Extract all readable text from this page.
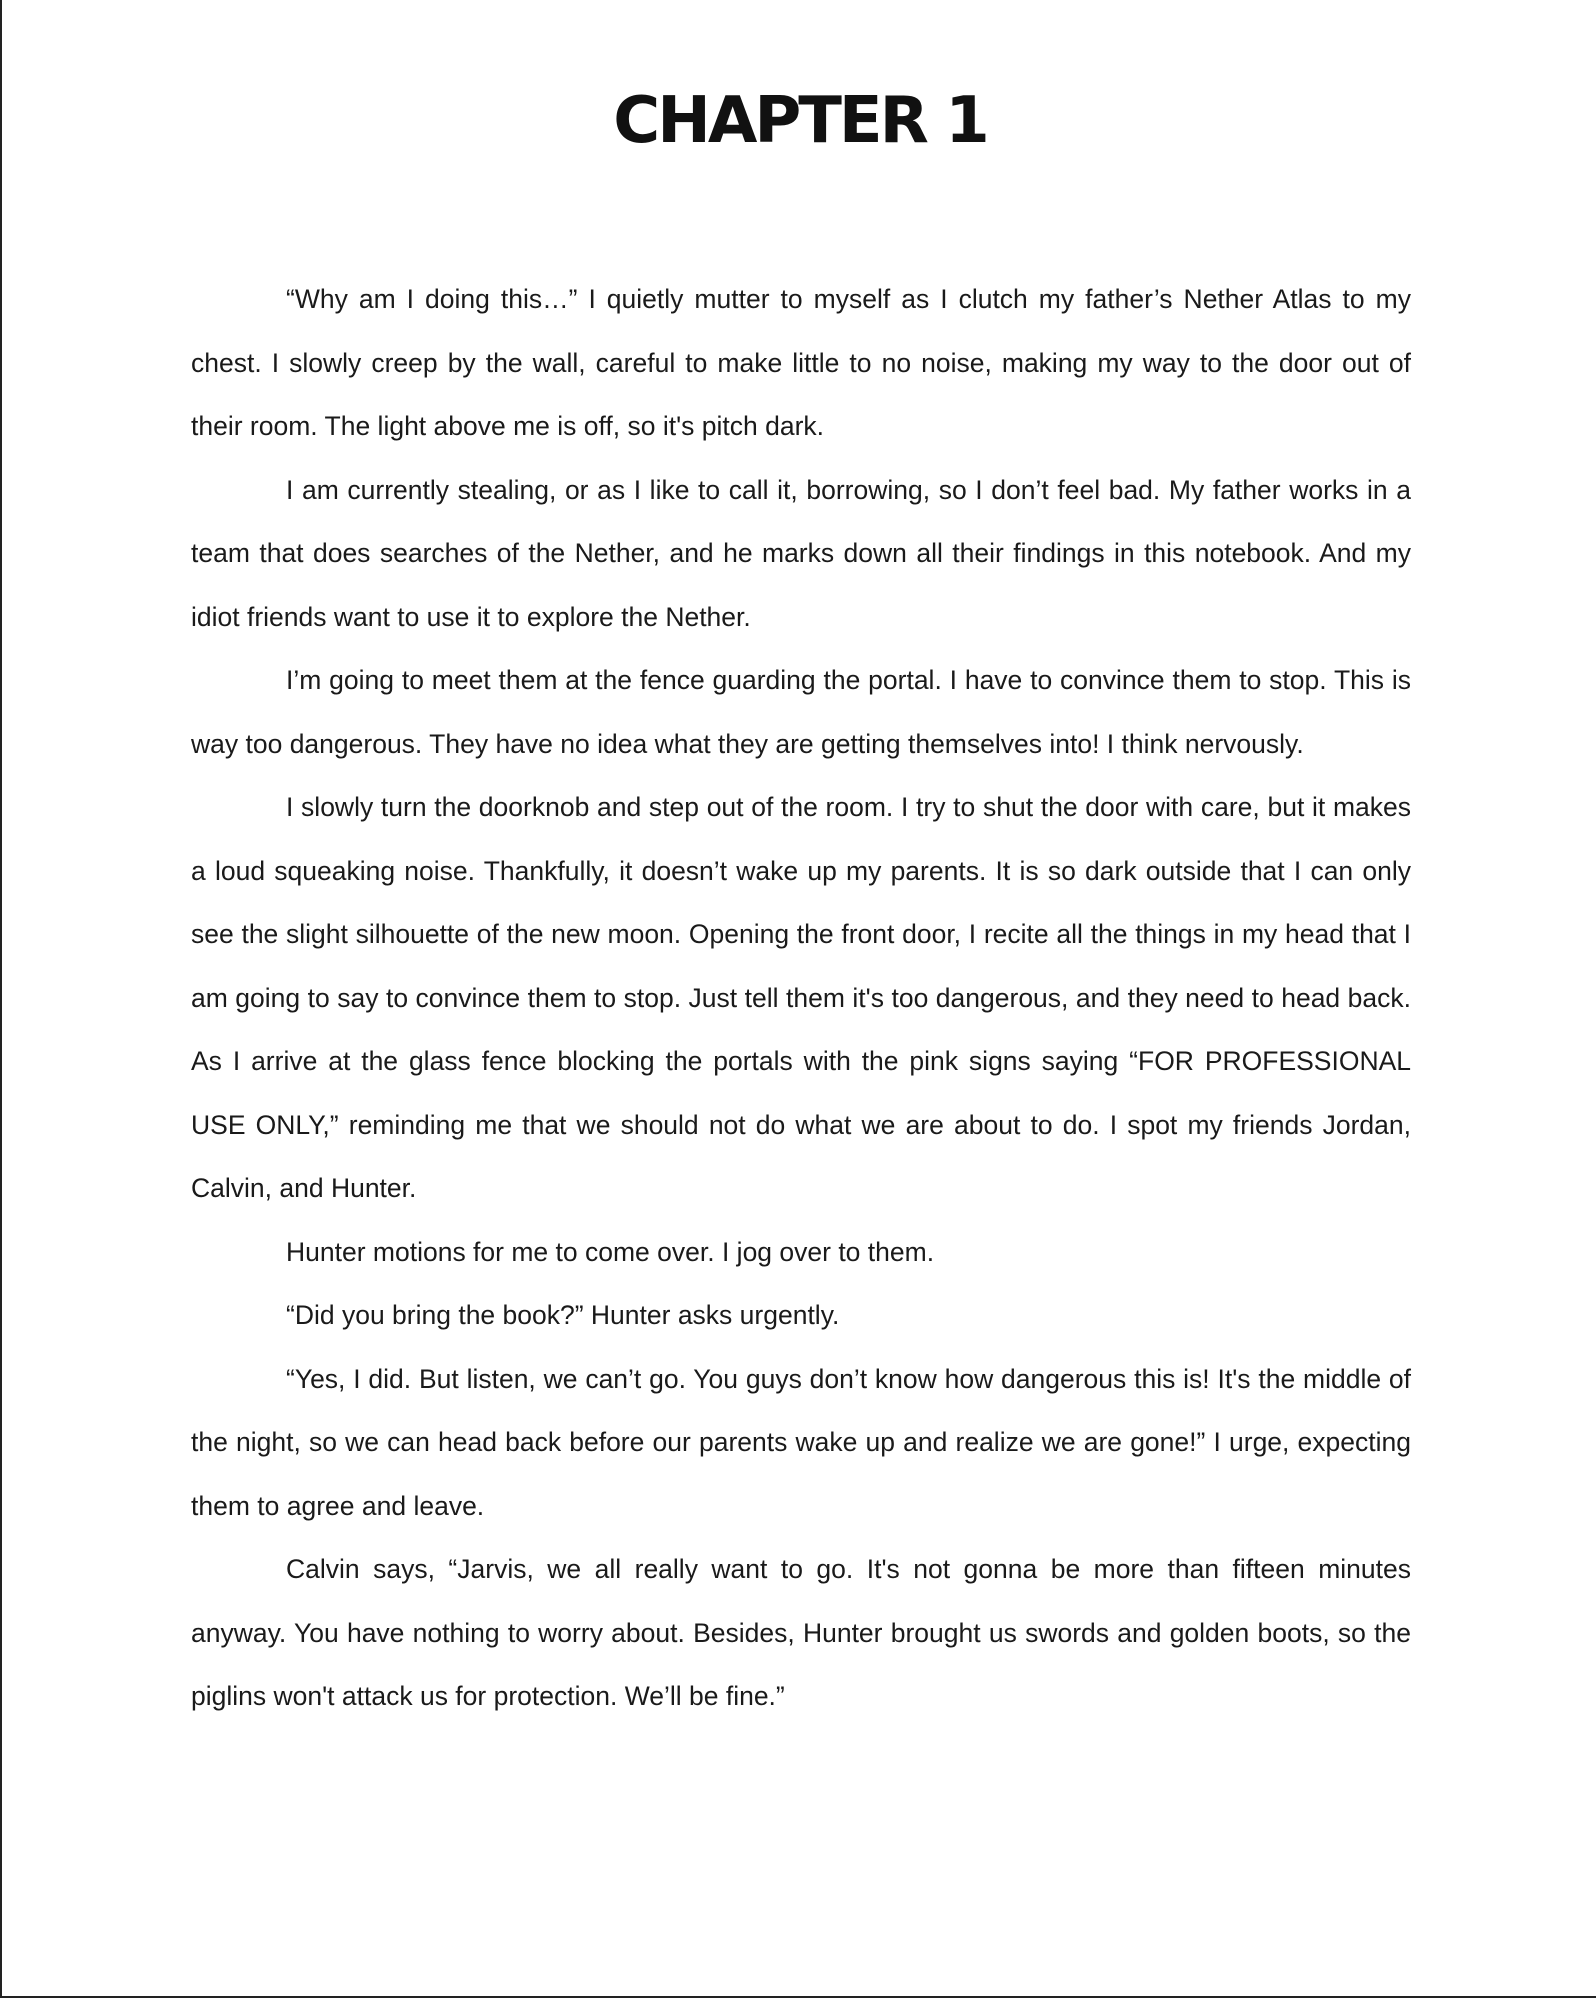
CHAPTER 1

“Why am I doing this…” I quietly mutter to myself as I clutch my father’s Nether Atlas to my chest. I slowly creep by the wall, careful to make little to no noise, making my way to the door out of their room. The light above me is off, so it's pitch dark.

I am currently stealing, or as I like to call it, borrowing, so I don’t feel bad. My father works in a team that does searches of the Nether, and he marks down all their findings in this notebook. And my idiot friends want to use it to explore the Nether.

I’m going to meet them at the fence guarding the portal. I have to convince them to stop. This is way too dangerous. They have no idea what they are getting themselves into! I think nervously.

I slowly turn the doorknob and step out of the room. I try to shut the door with care, but it makes a loud squeaking noise. Thankfully, it doesn’t wake up my parents. It is so dark outside that I can only see the slight silhouette of the new moon. Opening the front door, I recite all the things in my head that I am going to say to convince them to stop. Just tell them it's too dangerous, and they need to head back. As I arrive at the glass fence blocking the portals with the pink signs saying “FOR PROFESSIONAL USE ONLY,” reminding me that we should not do what we are about to do. I spot my friends Jordan, Calvin, and Hunter.

Hunter motions for me to come over. I jog over to them.

“Did you bring the book?” Hunter asks urgently.

“Yes, I did. But listen, we can’t go. You guys don’t know how dangerous this is! It's the middle of the night, so we can head back before our parents wake up and realize we are gone!” I urge, expecting them to agree and leave.

Calvin says, “Jarvis, we all really want to go. It's not gonna be more than fifteen minutes anyway. You have nothing to worry about. Besides, Hunter brought us swords and golden boots, so the piglins won't attack us for protection. We’ll be fine.”
